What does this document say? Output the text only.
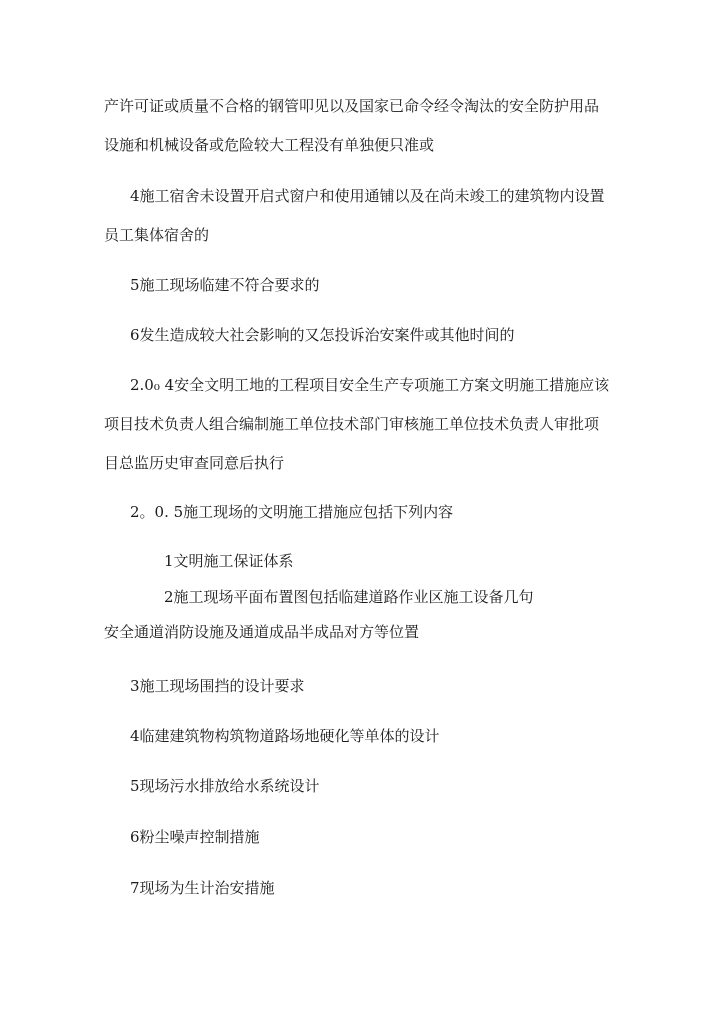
产许可证或质量不合格的钢管叩见以及国家已命令经令淘汰的安全防护用品
设施和机械设备或危险较大工程没有单独便只准或
4施工宿舍未设置开启式窗户和使用通铺以及在尚未竣工的建筑物内设置
员工集体宿舍的
5施工现场临建不符合要求的
6发生造成较大社会影响的又怎投诉治安案件或其他时间的
2.0₀ 4安全文明工地的工程项目安全生产专项施工方案文明施工措施应该
项目技术负责人组合编制施工单位技术部门审核施工单位技术负责人审批项
目总监历史审查同意后执行
2。0. 5施工现场的文明施工措施应包括下列内容
1文明施工保证体系
2施工现场平面布置图包括临建道路作业区施工设备几句
安全通道消防设施及通道成品半成品对方等位置
3施工现场围挡的设计要求
4临建建筑物构筑物道路场地硬化等单体的设计
5现场污水排放给水系统设计
6粉尘噪声控制措施
7现场为生计治安措施
